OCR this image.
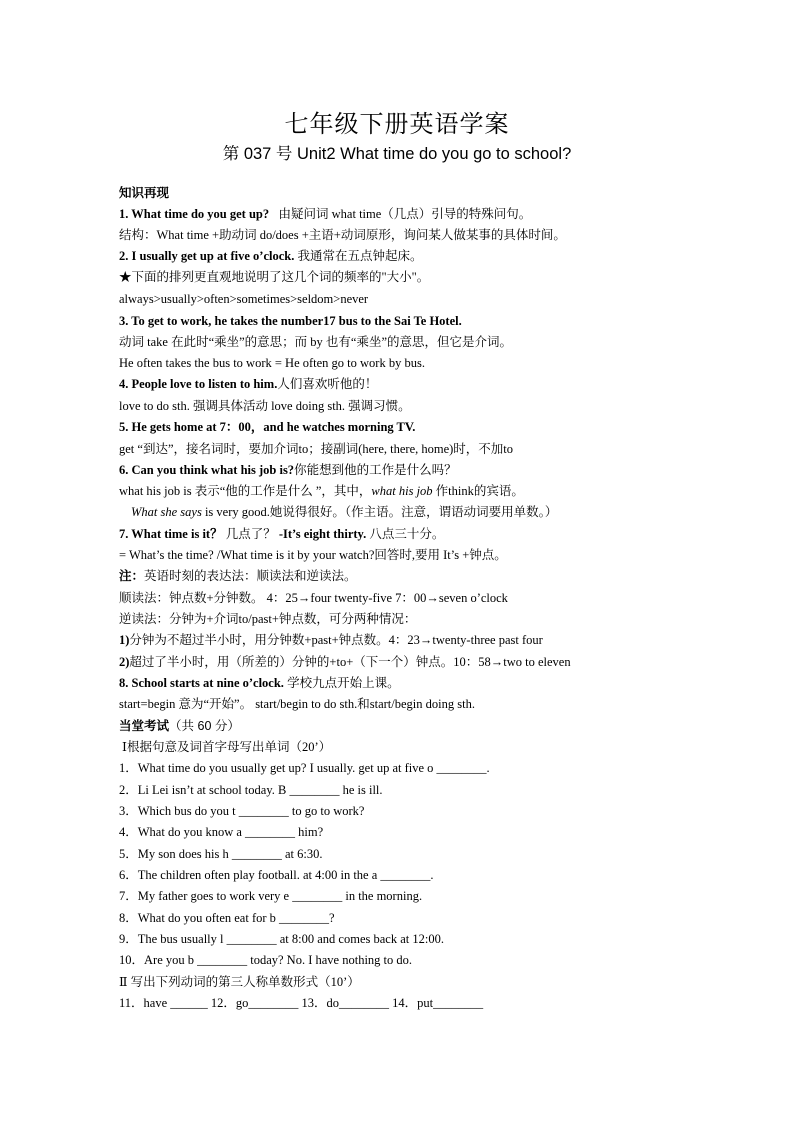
七年级下册英语学案
第 037 号 Unit2 What time do you go to school?
知识再现
1. What time do you get up? 由疑问词 what time（几点）引导的特殊问句。
结构：What time +助动词 do/does +主语+动词原形，询问某人做某事的具体时间。
2. I usually get up at five o’clock. 我通常在五点钟起床。
★下面的排列更直观地说明了这几个词的频率的"大小"。
always>usually>often>sometimes>seldom>never
3. To get to work, he takes the number17 bus to the Sai Te Hotel.
动词 take 在此时“乘坐”的意思；而 by 也有“乘坐”的意思，但它是介词。
He often takes the bus to work = He often go to work by bus.
4. People love to listen to him.人们喜欢听他的！
love to do sth. 强调具体活动 love doing sth. 强调习惯。
5. He gets home at 7：00，and he watches morning TV.
get “到达”，接名词时，要加介词to；接副词(here, there, home)时，不加to
6. Can you think what his job is?你能想到他的工作是什么吗？
what his job is 表示“他的工作是什么 ”，其中，what his job 作think的宾语。
What she says is very good.她说得很好。（作主语。注意，谓语动词要用单数。）
7. What time is it？ 几点了？ -It’s eight thirty. 八点三十分。
= What’s the time? /What time is it by your watch?回答时,要用 It’s +钟点。
注：英语时刻的表达法：顺读法和逆读法。
顺读法：钟点数+分钟数。 4：25→four twenty-five 7：00→seven o’clock
逆读法：分钟为+介词to/past+钟点数，可分两种情况：
1)分钟为不超过半小时，用分钟数+past+钟点数。4：23→twenty-three past four
2)超过了半小时，用（所差的）分钟的+to+（下一个）钟点。10：58→two to eleven
8. School starts at nine o’clock. 学校九点开始上课。
start=begin 意为“开始”。 start/begin to do sth.和start/begin doing sth.
当堂考试（共 60 分）
Ⅰ根据句意及词首字母写出单词（20’）
1．What time do you usually get up? I usually. get up at five o ________.
2．Li Lei isn’t at school today. B ________ he is ill.
3．Which bus do you t ________ to go to work?
4．What do you know a ________ him?
5．My son does his h ________ at 6:30.
6．The children often play football. at 4:00 in the a ________.
7．My father goes to work very e ________ in the morning.
8．What do you often eat for b ________?
9．The bus usually l ________ at 8:00 and comes back at 12:00.
10．Are you b ________ today? No. I have nothing to do.
Ⅱ 写出下列动词的第三人称单数形式（10’）
11．have ______ 12．go________ 13．do________ 14．put________
